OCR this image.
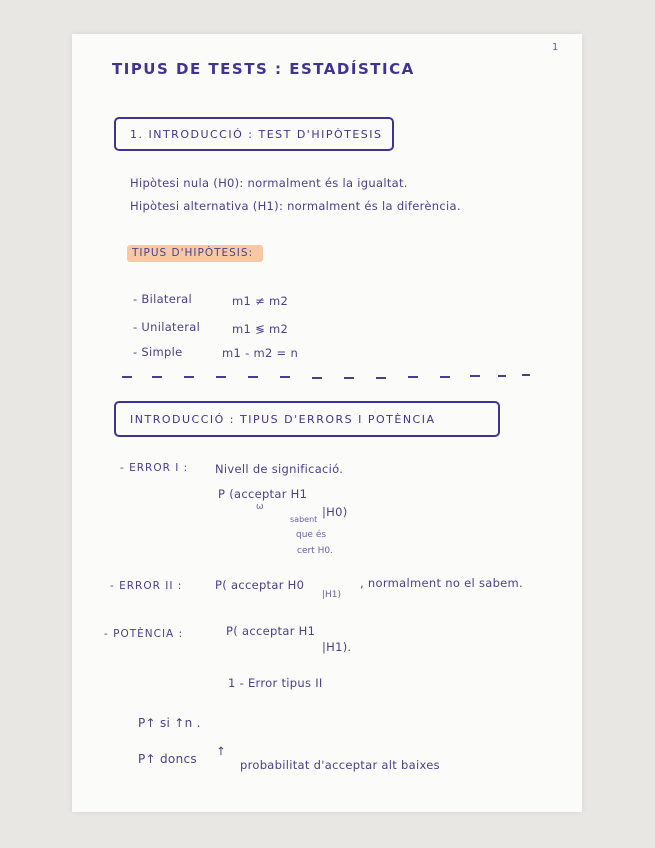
1
TIPUS DE TESTS : ESTADÍSTICA
1. INTRODUCCIÓ : TEST D'HIPÒTESIS
Hipòtesi nula (H0): normalment és la igualtat.
Hipòtesi alternativa (H1): normalment és la diferència.
TIPUS D'HIPÒTESIS:
- Bilateral	m1 ≠ m2
- Unilateral	m1 ≶ m2
- Simple	m1 - m2 = n
INTRODUCCIÓ : TIPUS D'ERRORS I POTÈNCIA
- ERROR I : Nivell de significació.
P (acceptar H1
ω	|H0)
sabent
que és
cert H0.
- ERROR II :	P( acceptar H0
|H1)
, normalment no el sabem.
- POTÈNCIA :	P( acceptar H1
|H1).
1 - Error tipus II
P↑ si ↑n .
P↑ doncs
↑
probabilitat d'acceptar alt baixes
